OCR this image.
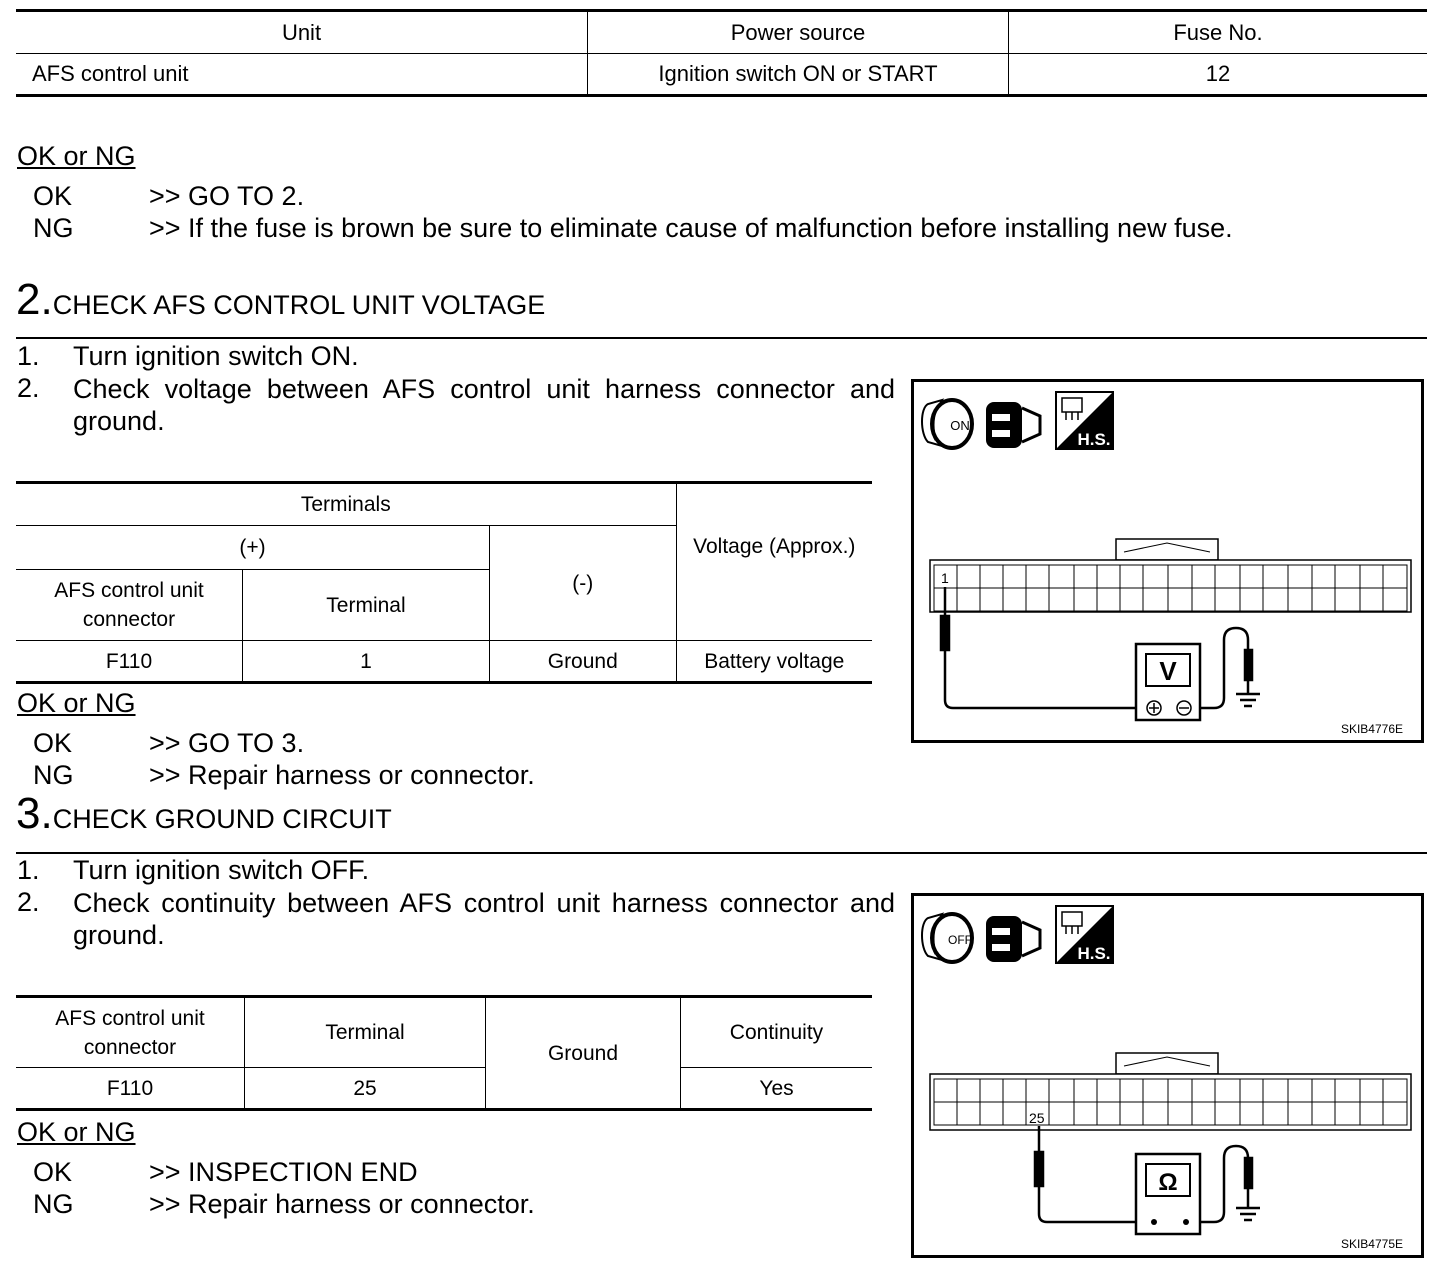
Unit	Power source	Fuse No.
AFS control unit	Ignition switch ON or START	12
OK or NG
OK	>> GO TO 2.
NG	>> If the fuse is brown be sure to eliminate cause of malfunction before installing new fuse.
2.CHECK AFS CONTROL UNIT VOLTAGE
1. Turn ignition switch ON.
2. Check voltage between AFS control unit harness connector and ground.
Terminals			Voltage (Approx.)
(+)		(-)	
AFS control unit connector	Terminal		
F110	1	Ground	Battery voltage
OK or NG
OK	>> GO TO 3.
NG	>> Repair harness or connector.
ON
H.S.
1
V
SKIB4776E
3.CHECK GROUND CIRCUIT
1. Turn ignition switch OFF.
2. Check continuity between AFS control unit harness connector and ground.
AFS control unit connector	Terminal	Ground	Continuity
F110	25		Yes
OK or NG
OK	>> INSPECTION END
NG	>> Repair harness or connector.
OFF
H.S.
25
Ω
SKIB4775E
